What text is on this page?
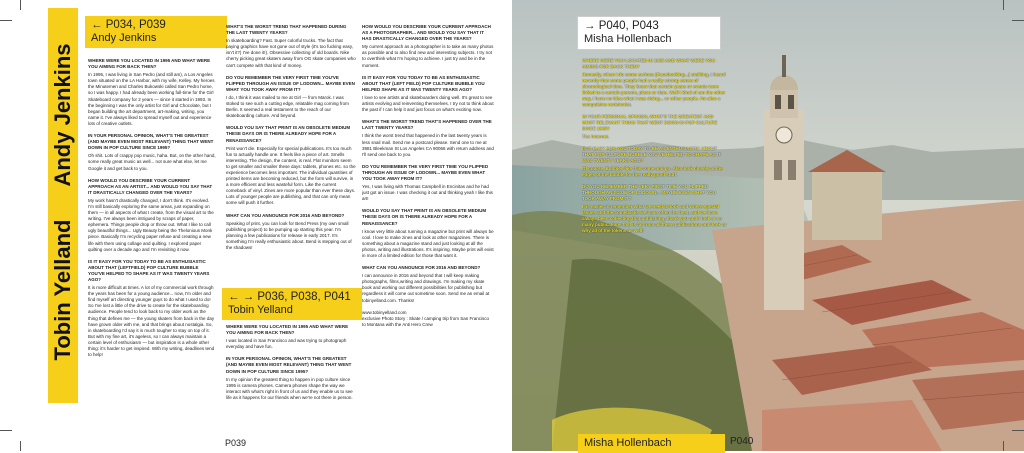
Andy Jenkins
Tobin Yelland
← P034, P039
Andy Jenkins
WHERE WERE YOU LOCATED IN 1995 AND WHAT WERE YOU AIMING FOR BACK THEN?

In 1995, I was living in San Pedro (and still am), a Los Angeles town situated on the LA Harbor, with my wife, Kelley. My heroes the Minutemen and Charles Bukowski called San Pedro home, so I was happy. I had already been working full-time for the Girl Skateboard company for 2 years — since it started in 1993. In the beginning I was the only artist for Girl and Chocolate, but I began building the art department, art-making, writing, you name it. I've always liked to spread myself out and experience lots of creative outlets.

IN YOUR PERSONAL OPINION, WHAT'S THE GREATEST (AND MAYBE EVEN MOST RELEVANT) THING THAT WENT DOWN IN POP CULTURE SINCE 1995?

Oh shit. Lots of crappy pop music, haha. But, on the other hand, some really great music as well... not sure what else, let me Google it and get back to you.

HOW WOULD YOU DESCRIBE YOUR CURRENT APPROACH AS AN ARTIST... AND WOULD YOU SAY THAT IT DRASTICALLY CHANGED OVER THE YEARS?

My work hasn't drastically changed, I don't think. It's evolved. I'm still basically exploring the same areas, just expanding on them — in all aspects of what I create, from the visual art to the writing. I've always been intrigued by scraps of paper, ephemera. Things people drop or throw out. What I like to call ugly beautiful things... Ugly Beauty being the Thelonious Monk piece. Basically I'm recycling paper refuse and creating a new life with them using collage and quilting. I explored paper quilting over a decade ago and I'm revisiting it now.

IS IT EASY FOR YOU TODAY TO BE AS ENTHUSIASTIC ABOUT THAT (LEFTFIELD) POP CULTURE BUBBLE YOU'VE HELPED TO SHAPE AS IT WAS TWENTY YEARS AGO?

It is more difficult at times. A lot of my commercial work through the years has been for a young audience... now, I'm older and find myself art directing younger guys to do what I used to do! So I've lost a little of the drive to create for the skateboarding audience. People tend to look back to my older work as the thing that defines me — the young skaters from back in the day have grown older with me, and that brings about nostalgia. So, in skateboarding I'd say it is much tougher to stay on top of it. But with my fine art, it's ageless, so I can always maintain a certain level of enthusiasm — but inspiration is a whole other thing: it's harder to get inspired. With my writing, deadlines tend to help!

WHAT'S THE WORST TREND THAT HAPPENED DURING THE LAST TWENTY YEARS?

In skateboarding? Fast. Super colorful trucks. The fact that paying graphics have not gone out of style (it's too fucking easy, isn't it?) I've done it!). Obsessive collecting of old boards. Nike cherry picking great skaters away from OG skate companies who can't compete with that kind of money.

DO YOU REMEMBER THE VERY FIRST TIME YOU'VE FLIPPED THROUGH AN ISSUE OF LODOWN... MAYBE EVEN WHAT YOU TOOK AWAY FROM IT?

I do, I think it was mailed to me at Girl — from Marok. I was stoked to see such a cutting edge, relatable mag coming from Berlin. It seemed a real testament to the reach of our skateboarding culture. And beyond.

WOULD YOU SAY THAT PRINT IS AN OBSOLETE MEDIUM THESE DAYS OR IS THERE ALREADY HOPE FOR A RENAISSANCE?

Print won't die. Especially for special publications. It's too much fun to actually handle one. It feels like a piece of art. Smells interesting. The design, the content, is real. Flat monitors seem to get smaller and smaller these days: tablets, phones etc. so the experience becomes less important. The individual quantities of printed items are becoming reduced, but the form will survive, in a more efficient and less wasteful form. Like the current comeback of vinyl. Zines are more popular than ever these days. Lots of younger people are publishing, and that can only mean some will push it further.

WHAT CAN YOU ANNOUNCE FOR 2016 AND BEYOND?

Speaking of print, you can look for Bend Press (my own small publishing project) to be pumping up starting this year. I'm planning a few publications for release in early 2017. It's something I'm really enthusiastic about. Bend is stepping out of the shadows!

← → P036, P038, P041
Tobin Yelland
WHERE WERE YOU LOCATED IN 1995 AND WHAT WERE YOU AIMING FOR BACK THEN?

I was located in San Francisco and was trying to photograph everyday and have fun.

IN YOUR PERSONAL OPINION, WHAT'S THE GREATEST (AND MAYBE EVEN MOST RELEVANT) THING THAT WENT DOWN IN POP CULTURE SINCE 1995?

In my opinion the greatest thing to happen in pop culture since 1995 is camera phones. Camera phones shape the way we interact with what's right in front of us and they enable us to see life as it happens for our friends when we're not there in person.

HOW WOULD YOU DESCRIBE YOUR CURRENT APPROACH AS A PHOTOGRAPHER... AND WOULD YOU SAY THAT IT HAS DRASTICALLY CHANGED OVER THE YEARS?

My current approach as a photographer is to take as many photos as possible and to also find new and interesting subjects. I try not to overthink what I'm hoping to achieve. I just try and be in the moment.

IS IT EASY FOR YOU TODAY TO BE AS ENTHUSIASTIC ABOUT THAT (LEFT FIELD) POP CULTURE BUBBLE YOU HELPED SHAPE AS IT WAS TWENTY YEARS AGO?

I love to see artists and skateboarders doing well. It's great to see artists evolving and reinventing themselves. I try not to think about the past if I can help it and just focus on what's exciting now.

WHAT'S THE WORST TREND THAT'S HAPPENED OVER THE LAST TWENTY YEARS?

I think the worst trend that happened in the last twenty years is less snail mail. Send me a postcard please. Send one to me at 3981 Bleekman St Los Angeles CA 90066 with return address and I'll send one back to you.

DO YOU REMEMBER THE VERY FIRST TIME YOU FLIPPED THROUGH AN ISSUE OF LODOWN... MAYBE EVEN WHAT YOU TOOK AWAY FROM IT?

Yes, I was living with Thomas Campbell in Encinitas and he had just got an issue. I was checking it out and thinking yeah I like this art!

WOULD YOU SAY THAT PRINT IS AN OBSOLETE MEDIUM THESE DAYS OR IS THERE ALREADY HOPE FOR A RENAISSANCE?

I know very little about running a magazine but print will always be cool. I love to make zines and look at other magazines. There is something about a magazine stand and just looking at all the photos, writing and illustrations. It's inspiring. Maybe print will exist in more of a limited edition for those that want it.

WHAT CAN YOU ANNOUNCE FOR 2016 AND BEYOND?

I can announce in 2016 and beyond that I will keep making photographs, films,writing and drawings. I'm making my skate book and working out different possibilities for publishing but regardless it will come out sometime soon. Send me an email at tobinyelland.com. Thanks!

www.tobinyelland.com
exclusive Photo Story : Skate / camping trip from San Francisco to Montana with the Anti Hero Crew

P039
→ P040, P043
Misha Hollenbach
WHERE WERE YOU LOCATED IN 1995 AND WHAT WERE YOU AIMING FOR BACK THEN?

Honestly, when I do some serious (Facebooking...) stalking, I heard recently that some people had a really strong sense of chronological time. They knew that certain years or events were linked to a certain person, place or date. Well I kind of am the other way, I have no idea what I was doing... or other people. I'm also a compulsive revisionist.

IN YOUR PERSONAL OPINION, WHAT'S THE GREATEST AND MOST RELEVANT THING THAT WENT DOWN IN POP CULTURE SINCE 1995?

The internet.

IS IT EASY FOR YOU TODAY TO BE AS ENTHUSIASTIC ABOUT THAT POP CULTURE BUBBLE YOU'VE HELPED TO SHAPE AS IT WAS TWENTY YEARS AGO?

Of course. Bubbles like this come and go. Also look closely at the edges of the bubble for the really good stuff.

DO YOU REMEMBER THE VERY FIRST TIME YOU FLIPPED THROUGH AN ISSUE OF LODOWN... MAYBE EVEN WHAT YOU TOOK AWAY FROM IT?

It is easier to remember what we need to look and where special issues and the comebacks we have often the best, and we have always been collecting that publishing, thank you and I look at so many publications that is far from all these publications and look at why all of the tokens as well!

Misha Hollenbach	P040
